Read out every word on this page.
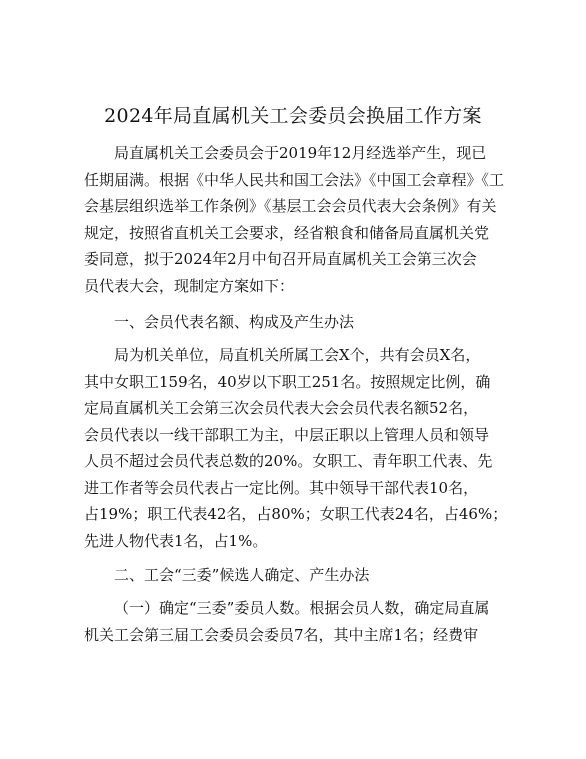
2024年局直属机关工会委员会换届工作方案

局直属机关工会委员会于2019年12月经选举产生，现已
任期届满。根据《中华人民共和国工会法》《中国工会章程》《工
会基层组织选举工作条例》《基层工会会员代表大会条例》有关
规定，按照省直机关工会要求，经省粮食和储备局直属机关党
委同意，拟于2024年2月中旬召开局直属机关工会第三次会
员代表大会，现制定方案如下：

一、会员代表名额、构成及产生办法

局为机关单位，局直机关所属工会X个，共有会员X名，
其中女职工159名，40岁以下职工251名。按照规定比例，确
定局直属机关工会第三次会员代表大会会员代表名额52名，
会员代表以一线干部职工为主，中层正职以上管理人员和领导
人员不超过会员代表总数的20%。女职工、青年职工代表、先
进工作者等会员代表占一定比例。其中领导干部代表10名，
占19%；职工代表42名，占80%；女职工代表24名，占46%；
先进人物代表1名，占1%。

二、工会“三委”候选人确定、产生办法

（一）确定“三委”委员人数。根据会员人数，确定局直属
机关工会第三届工会委员会委员7名，其中主席1名；经费审
